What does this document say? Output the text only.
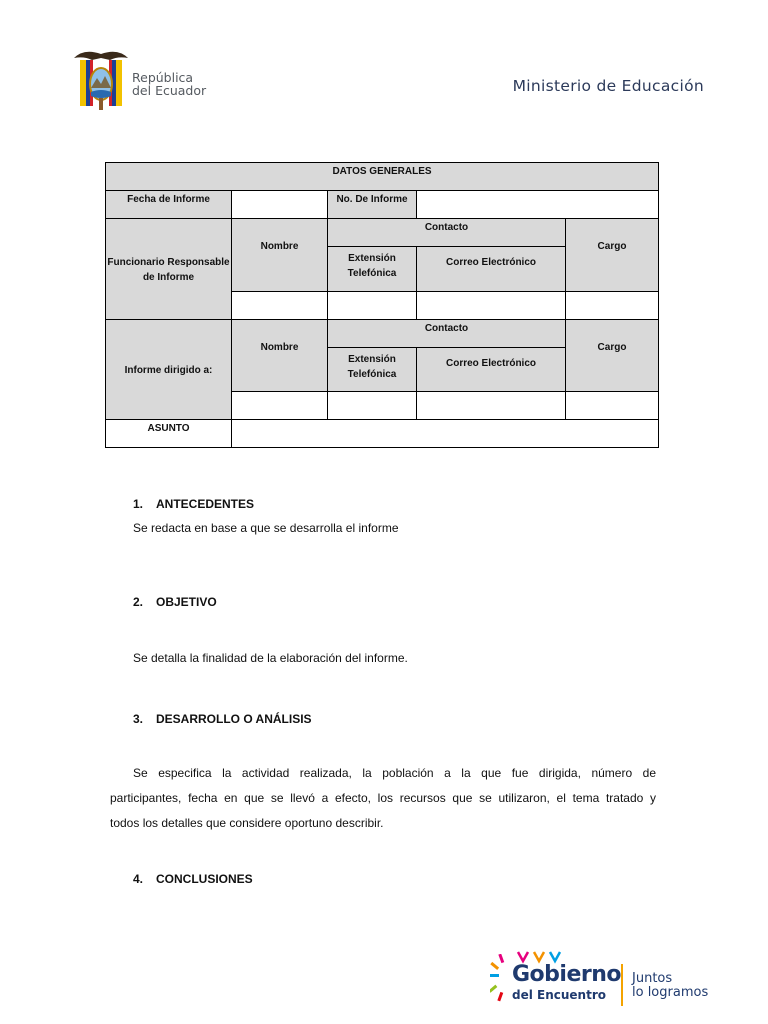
República
del Ecuador	Ministerio de Educación
DATOS GENERALES
Fecha de Informe	No. De Informe
Funcionario Responsable de Informe
Nombre
Contacto
Cargo
Extensión Telefónica
Correo Electrónico
Informe dirigido a:
Nombre
Contacto
Cargo
Extensión Telefónica
Correo Electrónico
ASUNTO
1. ANTECEDENTES
Se redacta en base a que se desarrolla el informe
2. OBJETIVO
Se detalla la finalidad de la elaboración del informe.
3. DESARROLLO O ANÁLISIS
Se especifica la actividad realizada, la población a la que fue dirigida, número de
participantes, fecha en que se llevó a efecto, los recursos que se utilizaron, el tema tratado y
todos los detalles que considere oportuno describir.
4. CONCLUSIONES
Gobierno
del Encuentro
Juntos
lo logramos
